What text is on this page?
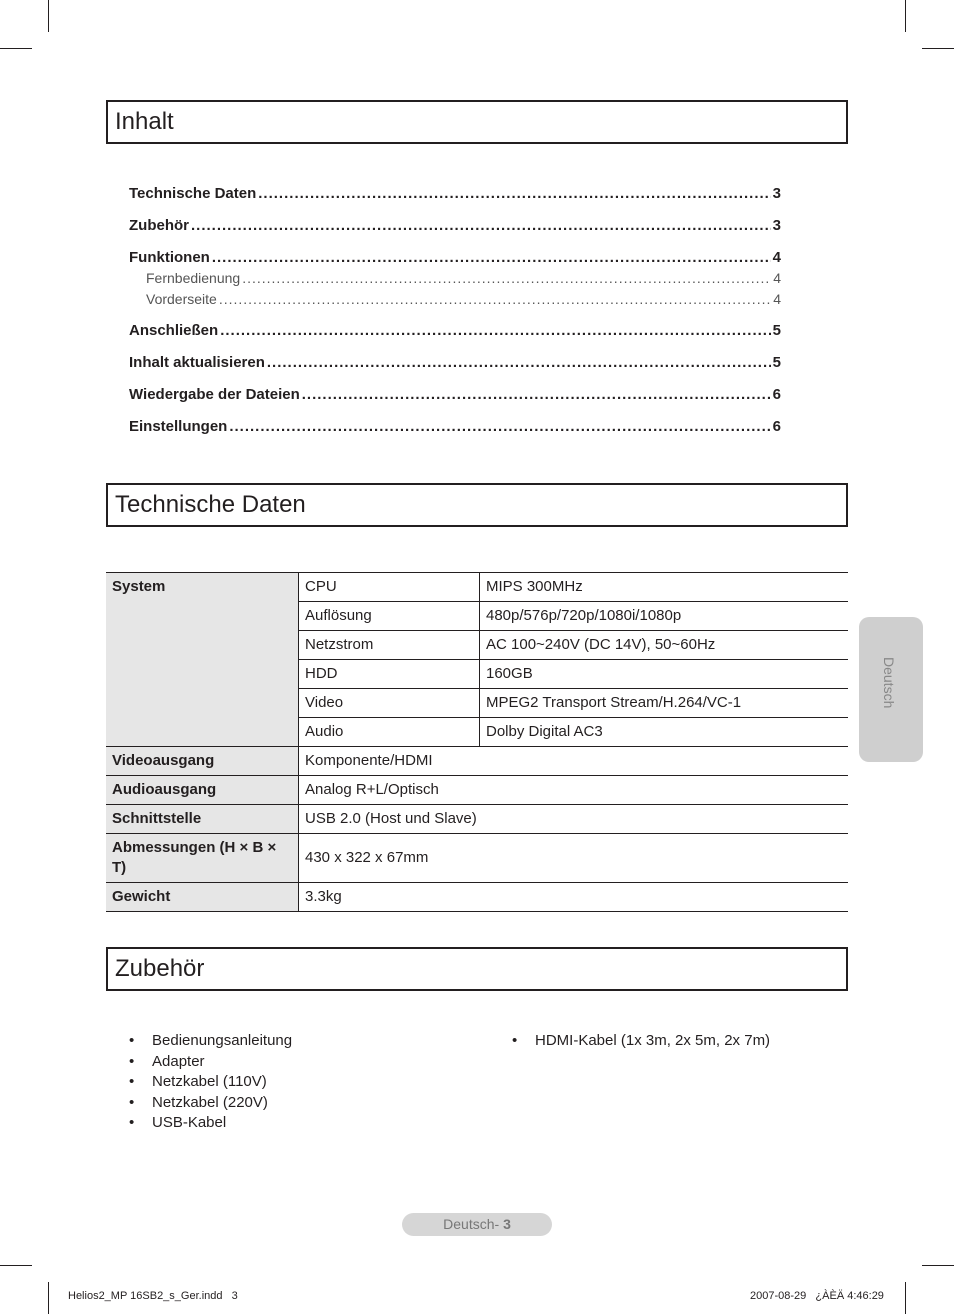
Inhalt
Technische Daten .....	3
Zubehör .....	3
Funktionen .....	4
Fernbedienung .....	4
Vorderseite .....	4
Anschließen .....	5
Inhalt aktualisieren .....	5
Wiedergabe der Dateien .....	6
Einstellungen .....	6
Technische Daten
System	CPU	MIPS 300MHz
	Auflösung	480p/576p/720p/1080i/1080p
	Netzstrom	AC 100~240V (DC 14V), 50~60Hz
	HDD	160GB
	Video	MPEG2 Transport Stream/H.264/VC-1
	Audio	Dolby Digital AC3
Videoausgang	Komponente/HDMI	
Audioausgang	Analog R+L/Optisch	
Schnittstelle	USB 2.0 (Host und Slave)	
Abmessungen (H × B × T)	430 x 322 x 67mm	
Gewicht	3.3kg	
Zubehör
• Bedienungsanleitung
• Adapter
• Netzkabel (110V)
• Netzkabel (220V)
• USB-Kabel
• HDMI-Kabel (1x 3m, 2x 5m, 2x 7m)
Deutsch
Deutsch- 3
Helios2_MP 16SB2_s_Ger.indd   3	2007-08-29   ¿ÀÈÄ 4:46:29
